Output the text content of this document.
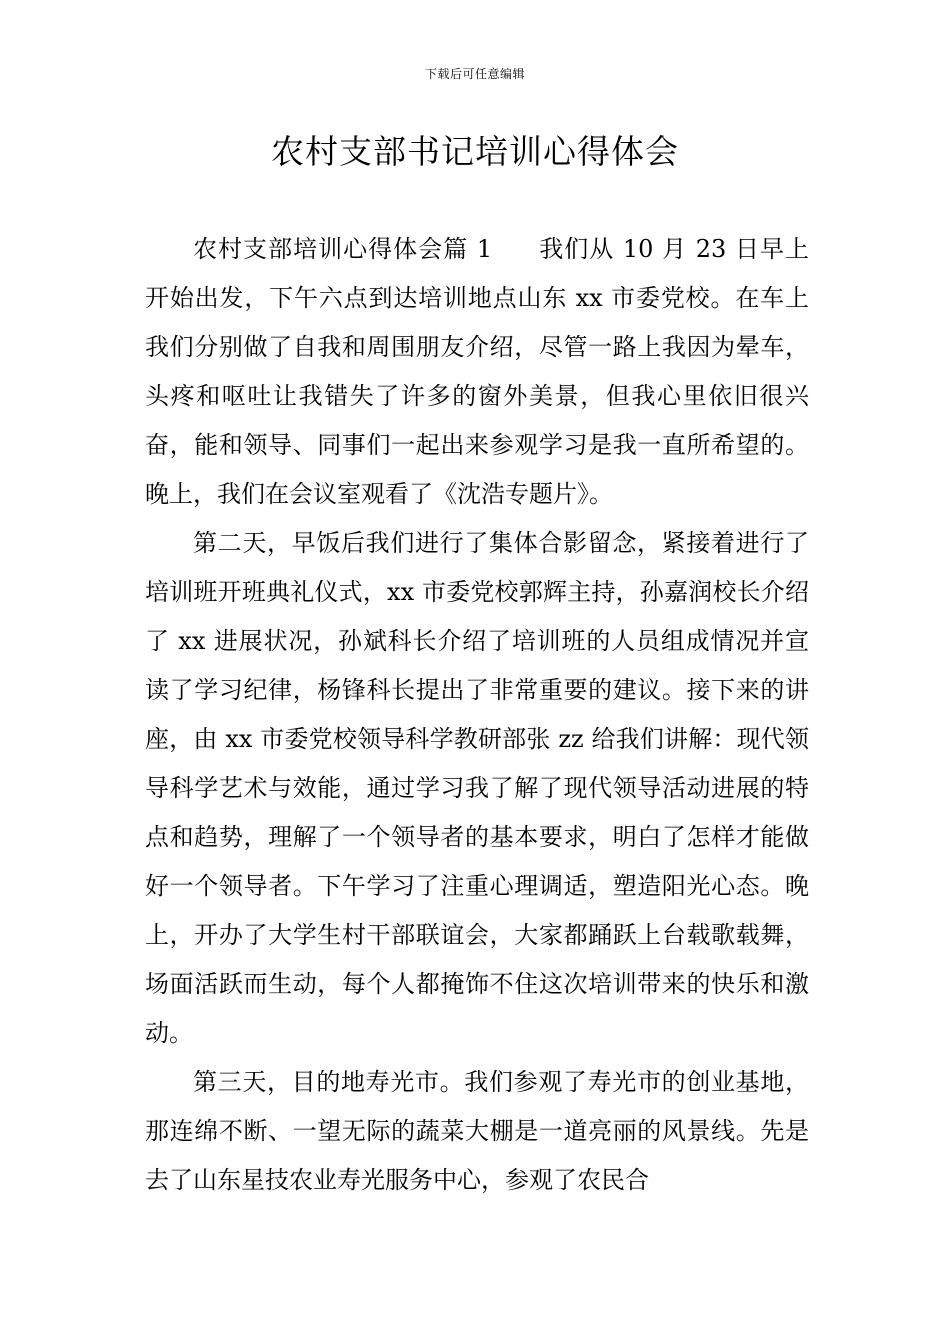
下载后可任意编辑
农村支部书记培训心得体会

农村支部培训心得体会篇 1 我们从 10 月 23 日早上开始出发，下午六点到达培训地点山东 xx 市委党校。在车上我们分别做了自我和周围朋友介绍，尽管一路上我因为晕车，头疼和呕吐让我错失了许多的窗外美景，但我心里依旧很兴奋，能和领导、同事们一起出来参观学习是我一直所希望的。晚上，我们在会议室观看了《沈浩专题片》。

第二天，早饭后我们进行了集体合影留念，紧接着进行了培训班开班典礼仪式，xx 市委党校郭辉主持，孙嘉润校长介绍了 xx 进展状况，孙斌科长介绍了培训班的人员组成情况并宣读了学习纪律，杨锋科长提出了非常重要的建议。接下来的讲座，由 xx 市委党校领导科学教研部张 zz 给我们讲解：现代领导科学艺术与效能，通过学习我了解了现代领导活动进展的特点和趋势，理解了一个领导者的基本要求，明白了怎样才能做好一个领导者。下午学习了注重心理调适，塑造阳光心态。晚上，开办了大学生村干部联谊会，大家都踊跃上台载歌载舞，场面活跃而生动，每个人都掩饰不住这次培训带来的快乐和激动。

第三天，目的地寿光市。我们参观了寿光市的创业基地，那连绵不断、一望无际的蔬菜大棚是一道亮丽的风景线。先是去了山东星技农业寿光服务中心，参观了农民合
